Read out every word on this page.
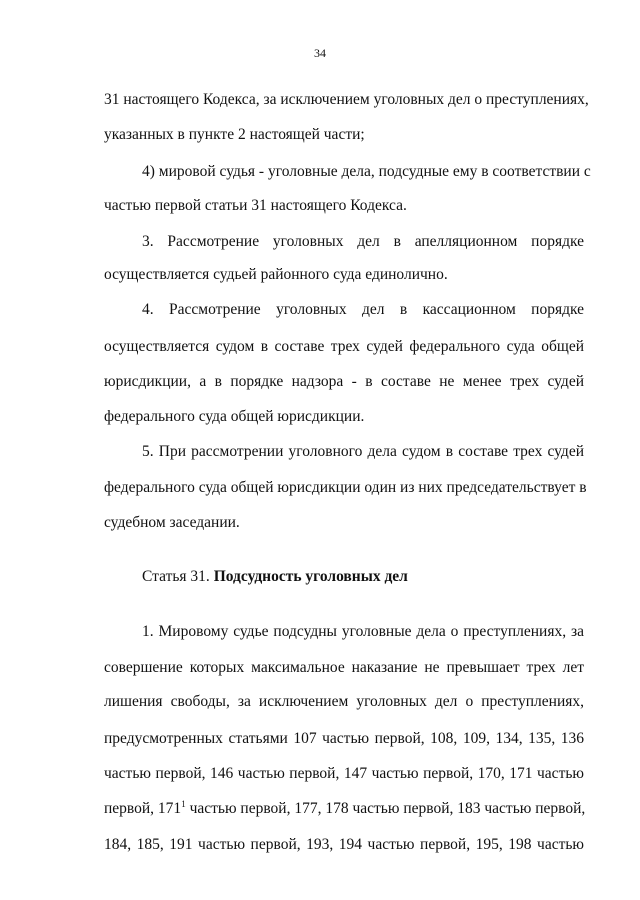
34
31 настоящего Кодекса, за исключением уголовных дел о преступлениях,
указанных в пункте 2 настоящей части;
4) мировой судья - уголовные дела, подсудные ему в соответствии с
частью первой статьи 31 настоящего Кодекса.
3. Рассмотрение уголовных дел в апелляционном порядке
осуществляется судьей районного суда единолично.
4. Рассмотрение уголовных дел в кассационном порядке
осуществляется судом в составе трех судей федерального суда общей
юрисдикции, а в порядке надзора - в составе не менее трех судей
федерального суда общей юрисдикции.
5. При рассмотрении уголовного дела судом в составе трех судей
федерального суда общей юрисдикции один из них председательствует в
судебном заседании.
Статья 31. Подсудность уголовных дел
1. Мировому судье подсудны уголовные дела о преступлениях, за
совершение которых максимальное наказание не превышает трех лет
лишения свободы, за исключением уголовных дел о преступлениях,
предусмотренных статьями 107 частью первой, 108, 109, 134, 135, 136
частью первой, 146 частью первой, 147 частью первой, 170, 171 частью
первой, $171^1$ частью первой, 177, 178 частью первой, 183 частью первой,
184, 185, 191 частью первой, 193, 194 частью первой, 195, 198 частью
